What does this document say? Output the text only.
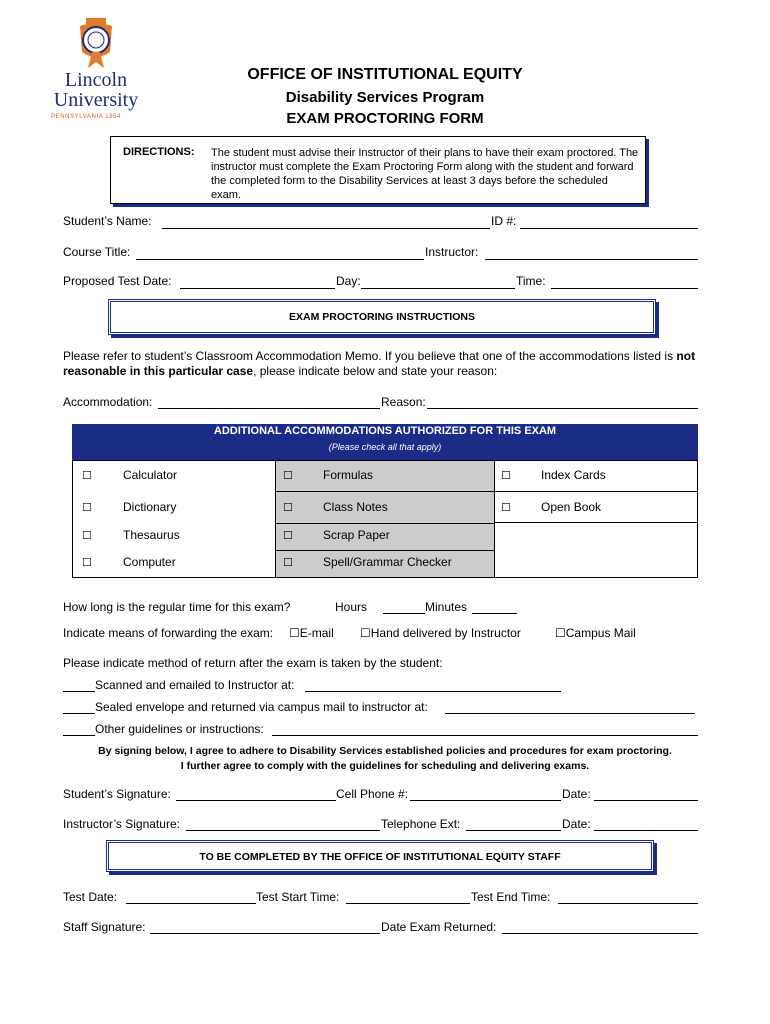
Lincoln
University
PENNSYLVANIA 1854
OFFICE OF INSTITUTIONAL EQUITY
Disability Services Program
EXAM PROCTORING FORM
DIRECTIONS: The student must advise their Instructor of their plans to have their exam proctored. The instructor must complete the Exam Proctoring Form along with the student and forward the completed form to the Disability Services at least 3 days before the scheduled exam.
Student’s Name:	ID #:
Course Title:	Instructor:
Proposed Test Date:	Day:	Time:
EXAM PROCTORING INSTRUCTIONS
Please refer to student’s Classroom Accommodation Memo. If you believe that one of the accommodations listed is not reasonable in this particular case, please indicate below and state your reason:
Accommodation:	Reason:
ADDITIONAL ACCOMMODATIONS AUTHORIZED FOR THIS EXAM
(Please check all that apply)
☐	Calculator	☐	Formulas	☐	Index Cards
☐	Dictionary	☐	Class Notes	☐	Open Book
☐	Thesaurus	☐	Scrap Paper
☐	Computer	☐	Spell/Grammar Checker
How long is the regular time for this exam?	Hours	Minutes
Indicate means of forwarding the exam: ☐E-mail ☐Hand delivered by Instructor	☐Campus Mail
Please indicate method of return after the exam is taken by the student:
Scanned and emailed to Instructor at:
Sealed envelope and returned via campus mail to instructor at:
Other guidelines or instructions:
By signing below, I agree to adhere to Disability Services established policies and procedures for exam proctoring.
I further agree to comply with the guidelines for scheduling and delivering exams.
Student’s Signature:	Cell Phone #:	Date:
Instructor’s Signature:	Telephone Ext:	Date:
TO BE COMPLETED BY THE OFFICE OF INSTITUTIONAL EQUITY STAFF
Test Date:	Test Start Time:	Test End Time:
Staff Signature:	Date Exam Returned:
